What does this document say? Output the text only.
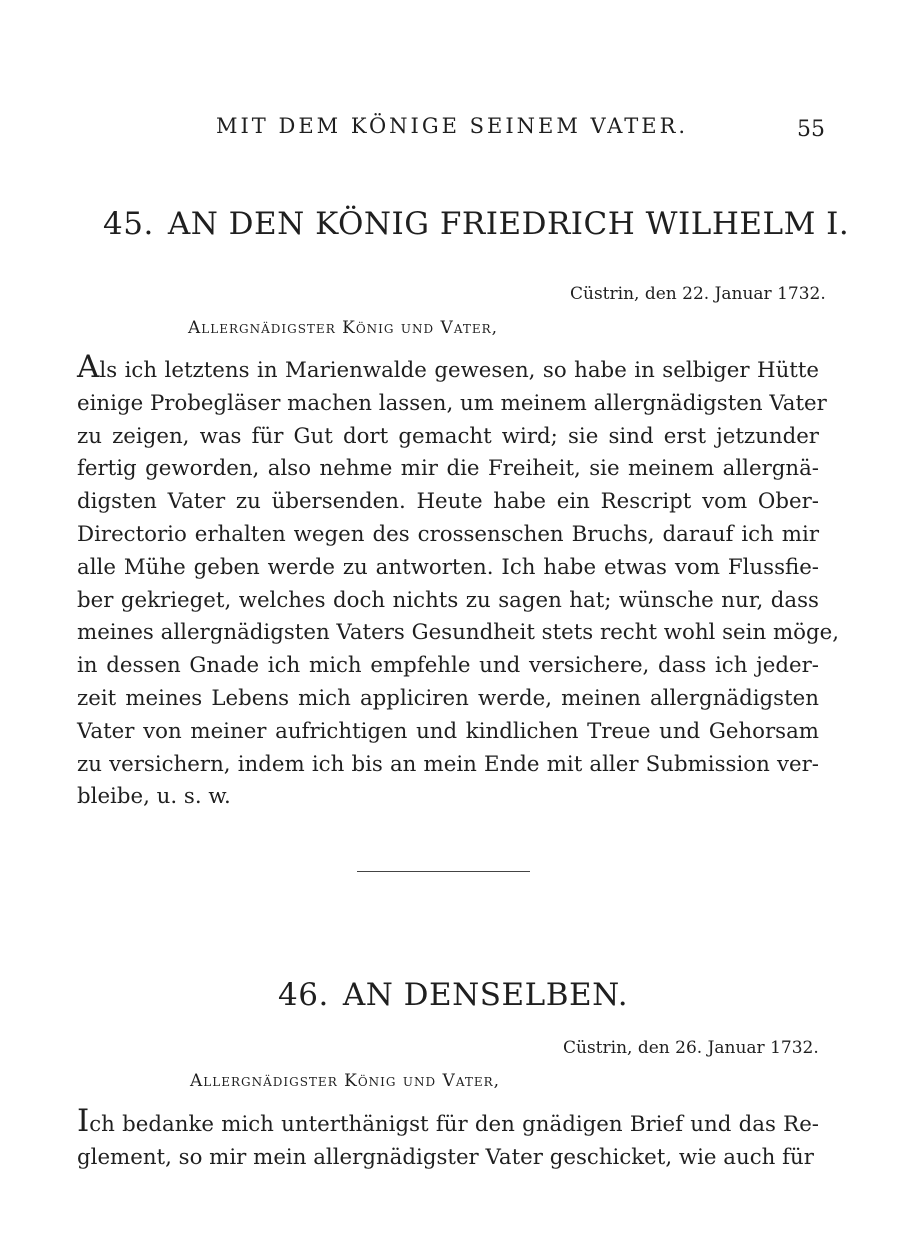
MIT DEM KÖNIGE SEINEM VATER.	55
45. AN DEN KÖNIG FRIEDRICH WILHELM I.
Cüstrin, den 22. Januar 1732.
Allergnädigster König und Vater,
Als ich letztens in Marienwalde gewesen, so habe in selbiger Hütte
einige Probegläser machen lassen, um meinem allergnädigsten Vater
zu zeigen, was für Gut dort gemacht wird; sie sind erst jetzunder
fertig geworden, also nehme mir die Freiheit, sie meinem allergnä-
digsten Vater zu übersenden. Heute habe ein Rescript vom Ober-
Directorio erhalten wegen des crossenschen Bruchs, darauf ich mir
alle Mühe geben werde zu antworten. Ich habe etwas vom Flussfie-
ber gekrieget, welches doch nichts zu sagen hat; wünsche nur, dass
meines allergnädigsten Vaters Gesundheit stets recht wohl sein möge,
in dessen Gnade ich mich empfehle und versichere, dass ich jeder-
zeit meines Lebens mich appliciren werde, meinen allergnädigsten
Vater von meiner aufrichtigen und kindlichen Treue und Gehorsam
zu versichern, indem ich bis an mein Ende mit aller Submission ver-
bleibe, u. s. w.
46. AN DENSELBEN.
Cüstrin, den 26. Januar 1732.
Allergnädigster König und Vater,
Ich bedanke mich unterthänigst für den gnädigen Brief und das Re-
glement, so mir mein allergnädigster Vater geschicket, wie auch für
